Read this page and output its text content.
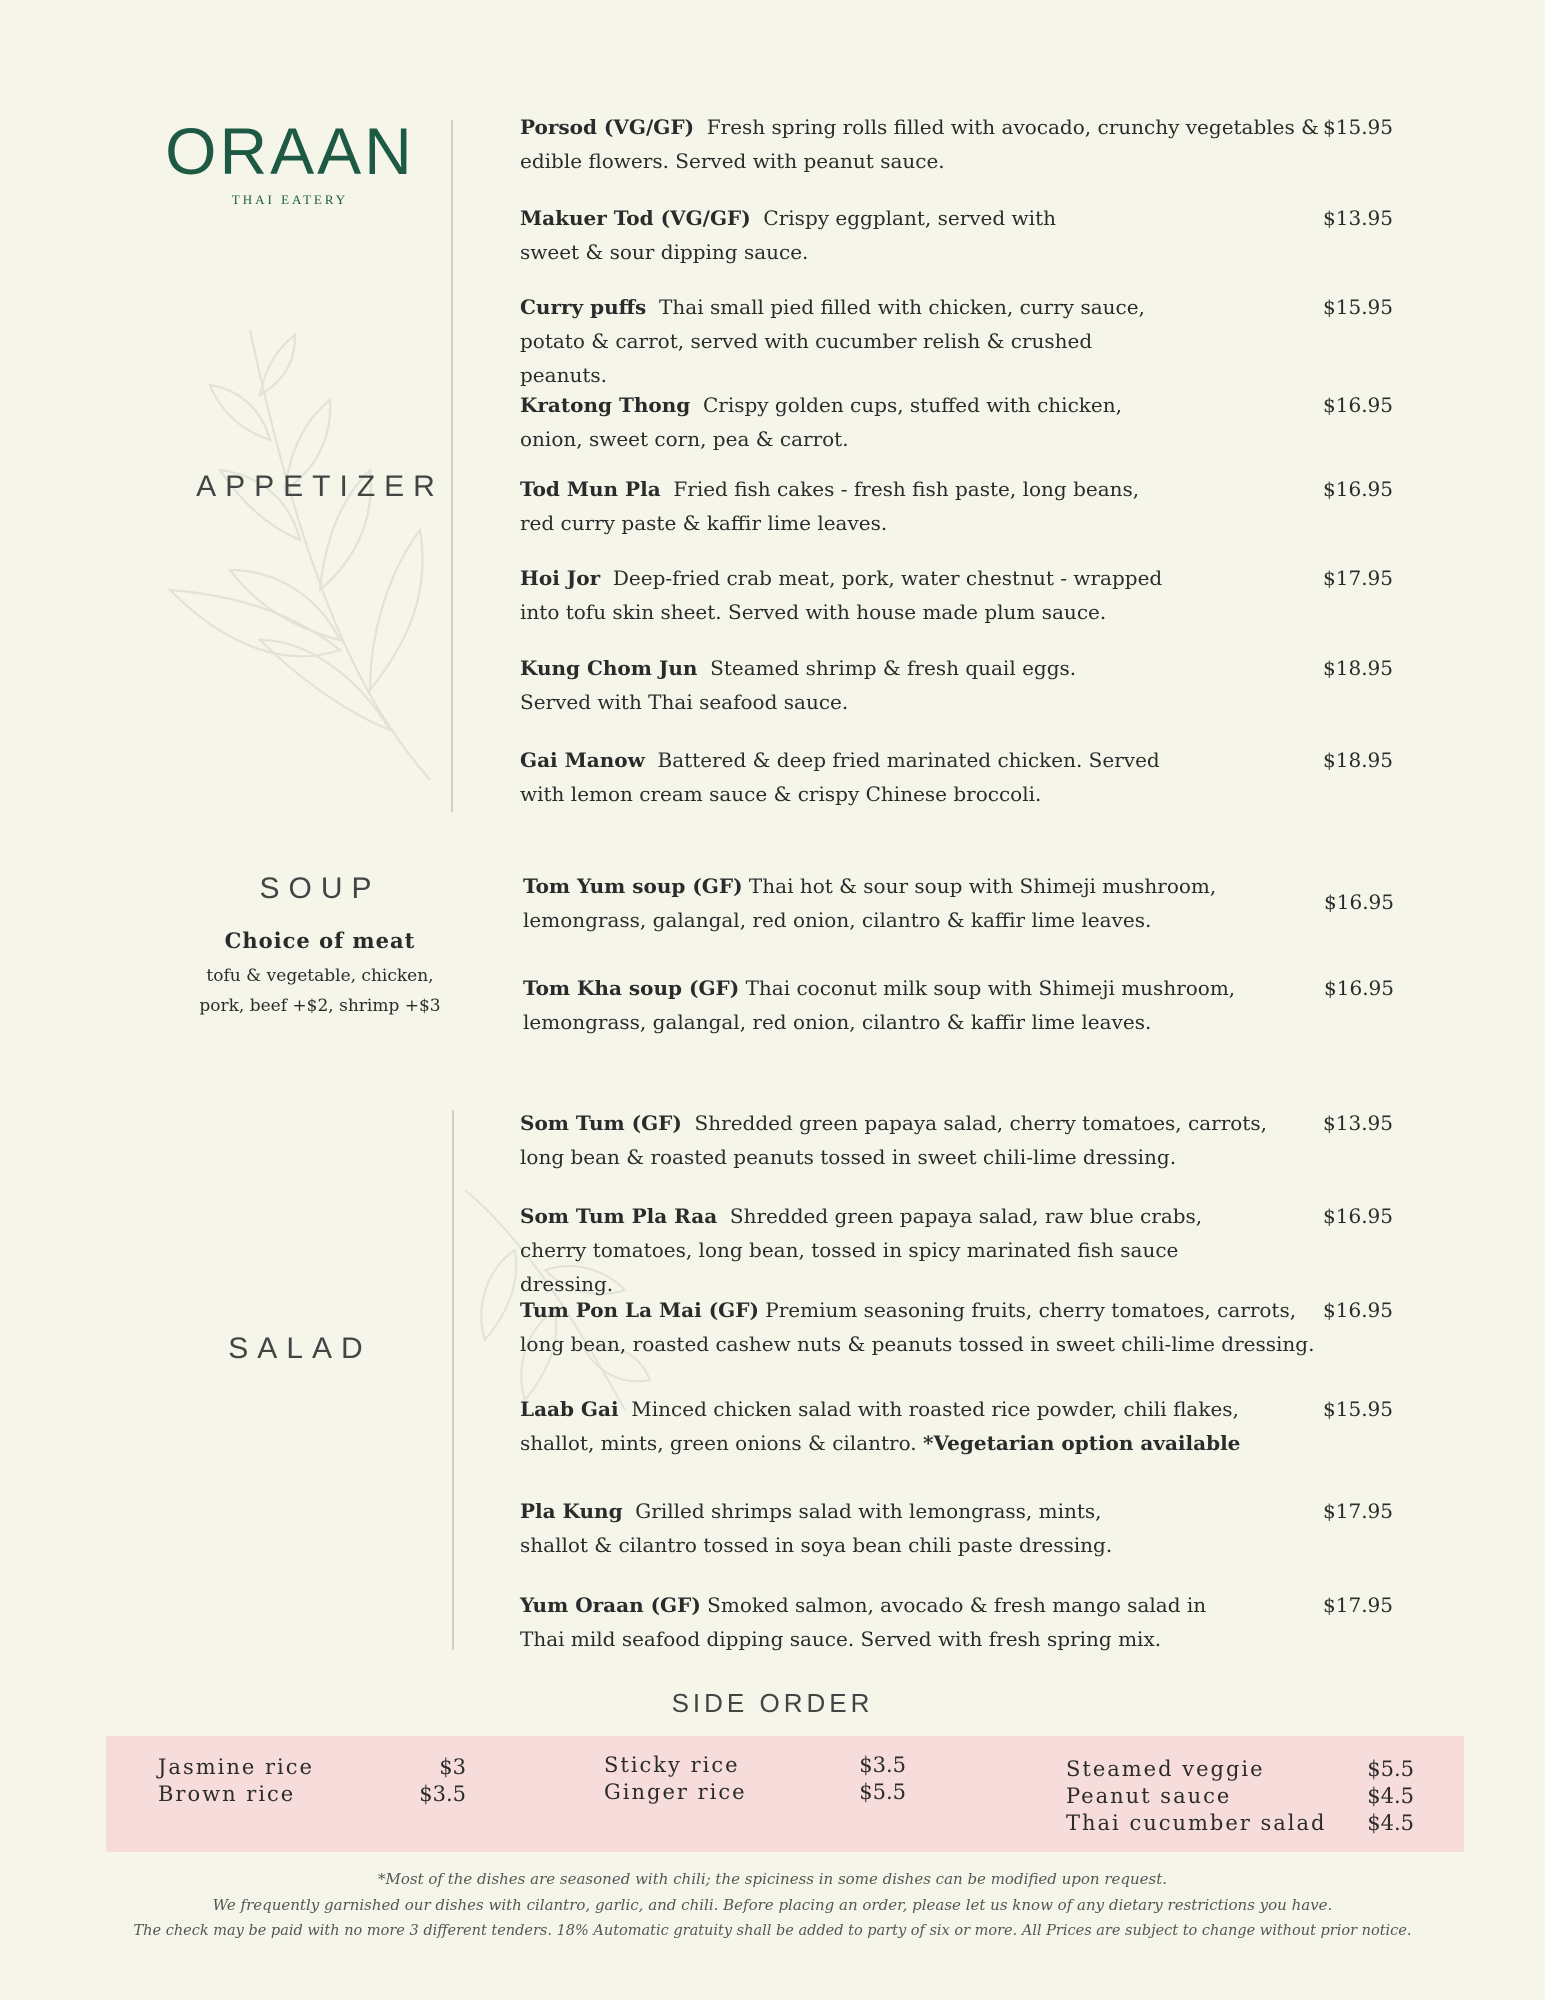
ORAAN
THAI EATERY
APPETIZER
SOUP
SALAD
Choice of meat
tofu & vegetable, chicken,
pork, beef +$2, shrimp +$3
Porsod (VG/GF) Fresh spring rolls filled with avocado, crunchy vegetables & edible flowers. Served with peanut sauce.
$15.95
Makuer Tod (VG/GF) Crispy eggplant, served with sweet & sour dipping sauce.
$13.95
Curry puffs Thai small pied filled with chicken, curry sauce, potato & carrot, served with cucumber relish & crushed peanuts.
$15.95
Kratong Thong Crispy golden cups, stuffed with chicken, onion, sweet corn, pea & carrot.
$16.95
Tod Mun Pla Fried fish cakes - fresh fish paste, long beans, red curry paste & kaffir lime leaves.
$16.95
Hoi Jor Deep-fried crab meat, pork, water chestnut - wrapped into tofu skin sheet. Served with house made plum sauce.
$17.95
Kung Chom Jun Steamed shrimp & fresh quail eggs. Served with Thai seafood sauce.
$18.95
Gai Manow Battered & deep fried marinated chicken. Served with lemon cream sauce & crispy Chinese broccoli.
$18.95
Tom Yum soup (GF) Thai hot & sour soup with Shimeji mushroom, lemongrass, galangal, red onion, cilantro & kaffir lime leaves.
$16.95
Tom Kha soup (GF) Thai coconut milk soup with Shimeji mushroom, lemongrass, galangal, red onion, cilantro & kaffir lime leaves.
$16.95
Som Tum (GF) Shredded green papaya salad, cherry tomatoes, carrots, long bean & roasted peanuts tossed in sweet chili-lime dressing.
$13.95
Som Tum Pla Raa Shredded green papaya salad, raw blue crabs, cherry tomatoes, long bean, tossed in spicy marinated fish sauce dressing.
$16.95
Tum Pon La Mai (GF) Premium seasoning fruits, cherry tomatoes, carrots, long bean, roasted cashew nuts & peanuts tossed in sweet chili-lime dressing.
$16.95
Laab Gai Minced chicken salad with roasted rice powder, chili flakes, shallot, mints, green onions & cilantro. *Vegetarian option available
$15.95
Pla Kung Grilled shrimps salad with lemongrass, mints, shallot & cilantro tossed in soya bean chili paste dressing.
$17.95
Yum Oraan (GF) Smoked salmon, avocado & fresh mango salad in Thai mild seafood dipping sauce. Served with fresh spring mix.
$17.95
SIDE ORDER
Jasmine rice	$3
Brown rice	$3.5
Sticky rice	$3.5
Ginger rice	$5.5
Steamed veggie	$5.5
Peanut sauce	$4.5
Thai cucumber salad	$4.5
*Most of the dishes are seasoned with chili; the spiciness in some dishes can be modified upon request.
We frequently garnished our dishes with cilantro, garlic, and chili. Before placing an order, please let us know of any dietary restrictions you have.
The check may be paid with no more 3 different tenders. 18% Automatic gratuity shall be added to party of six or more. All Prices are subject to change without prior notice.
